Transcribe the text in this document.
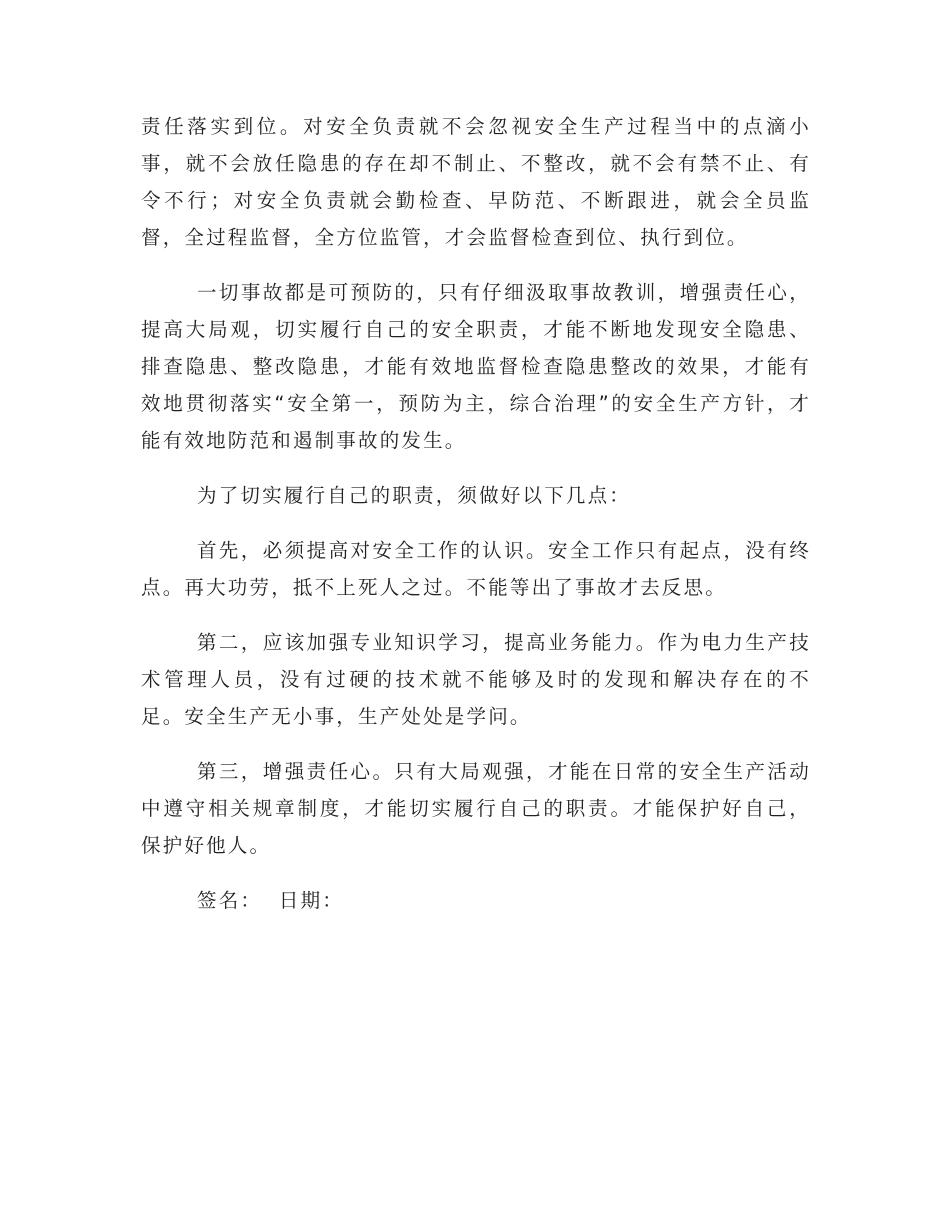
责任落实到位。对安全负责就不会忽视安全生产过程当中的点滴小事，就不会放任隐患的存在却不制止、不整改，就不会有禁不止、有令不行；对安全负责就会勤检查、早防范、不断跟进，就会全员监督，全过程监督，全方位监管，才会监督检查到位、执行到位。

一切事故都是可预防的，只有仔细汲取事故教训，增强责任心，提高大局观，切实履行自己的安全职责，才能不断地发现安全隐患、排查隐患、整改隐患，才能有效地监督检查隐患整改的效果，才能有效地贯彻落实“安全第一，预防为主，综合治理”的安全生产方针，才能有效地防范和遏制事故的发生。

为了切实履行自己的职责，须做好以下几点：

首先，必须提高对安全工作的认识。安全工作只有起点，没有终点。再大功劳，抵不上死人之过。不能等出了事故才去反思。

第二，应该加强专业知识学习，提高业务能力。作为电力生产技术管理人员，没有过硬的技术就不能够及时的发现和解决存在的不足。安全生产无小事，生产处处是学问。

第三，增强责任心。只有大局观强，才能在日常的安全生产活动中遵守相关规章制度，才能切实履行自己的职责。才能保护好自己，保护好他人。

签名：  日期：
